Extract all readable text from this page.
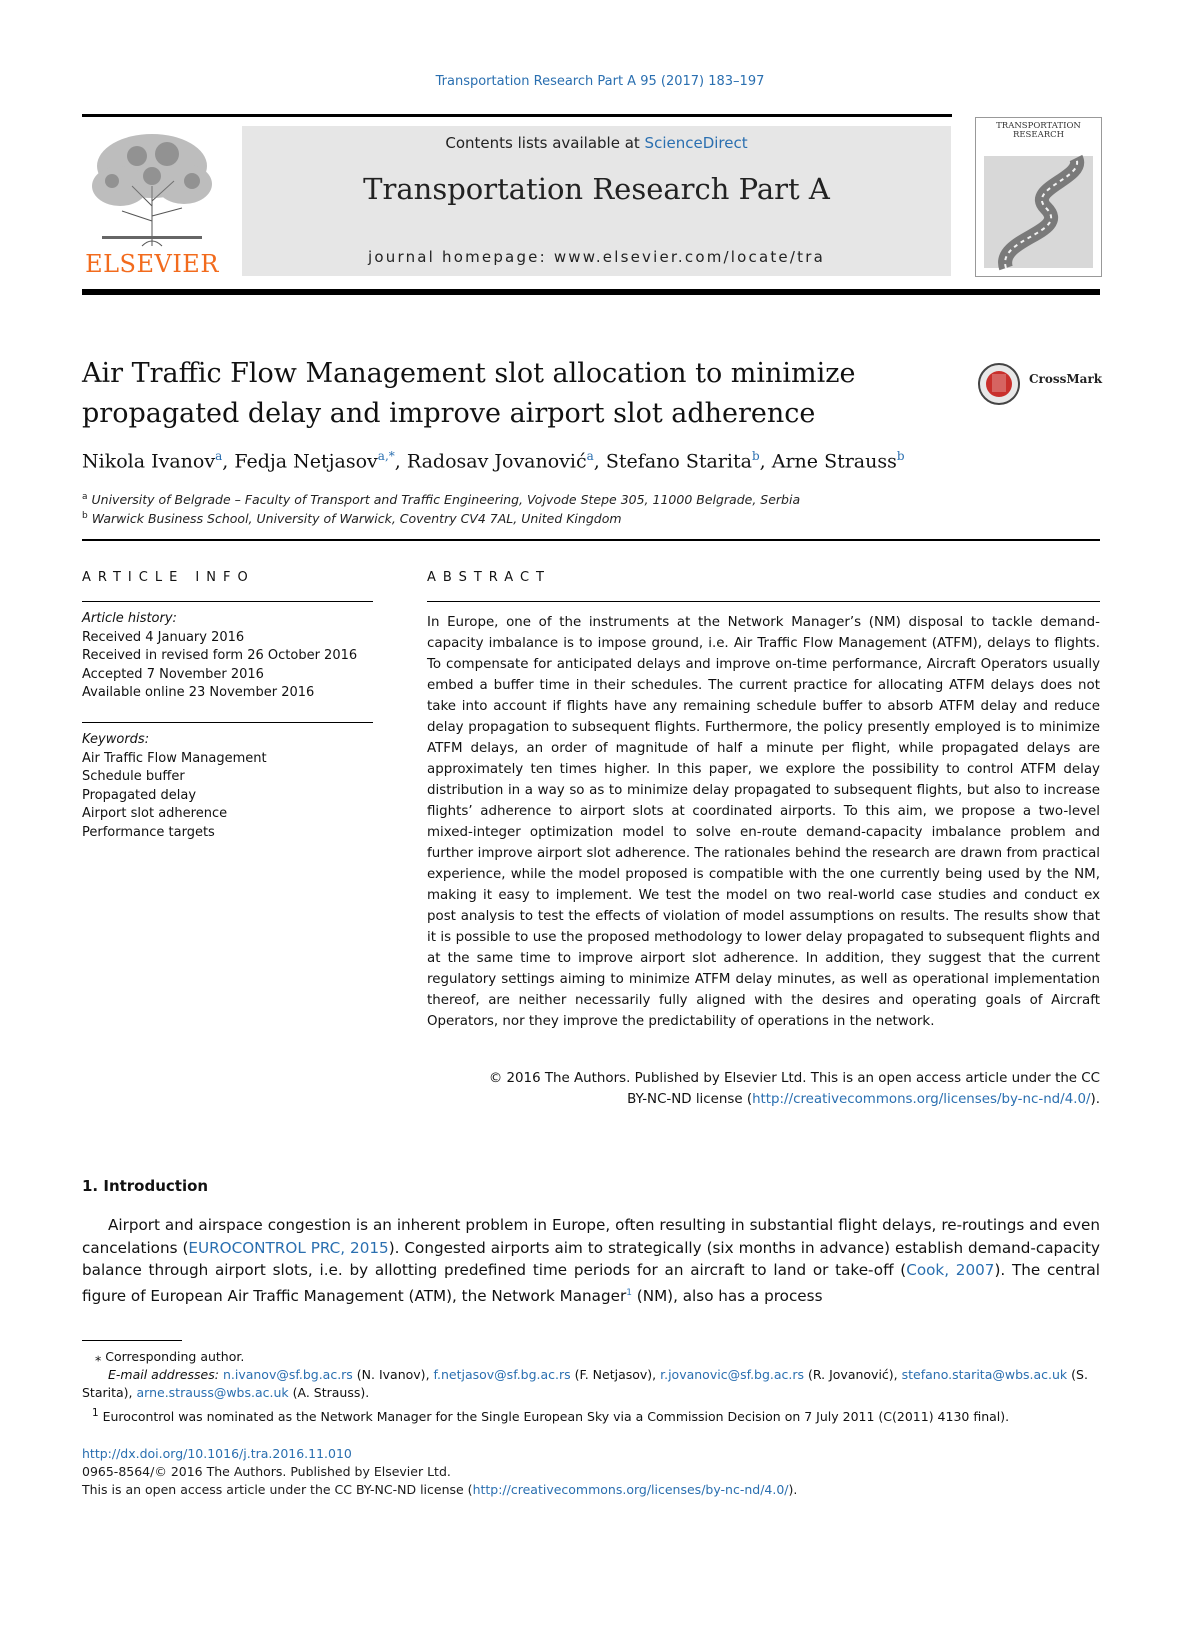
Transportation Research Part A 95 (2017) 183–197
ELSEVIER
Contents lists available at ScienceDirect
Transportation Research Part A
journal homepage: www.elsevier.com/locate/tra
TRANSPORTATION RESEARCH
Air Traffic Flow Management slot allocation to minimize propagated delay and improve airport slot adherence
CrossMark
Nikola Ivanov$^a$, Fedja Netjasov$^{a,*}$, Radosav Jovanović$^a$, Stefano Starita$^b$, Arne Strauss$^b$
$^a$ University of Belgrade – Faculty of Transport and Traffic Engineering, Vojvode Stepe 305, 11000 Belgrade, Serbia
$^b$ Warwick Business School, University of Warwick, Coventry CV4 7AL, United Kingdom
ARTICLE INFO
Article history:
Received 4 January 2016
Received in revised form 26 October 2016
Accepted 7 November 2016
Available online 23 November 2016
Keywords:
Air Traffic Flow Management
Schedule buffer
Propagated delay
Airport slot adherence
Performance targets
ABSTRACT
In Europe, one of the instruments at the Network Manager’s (NM) disposal to tackle demand-capacity imbalance is to impose ground, i.e. Air Traffic Flow Management (ATFM), delays to flights. To compensate for anticipated delays and improve on-time performance, Aircraft Operators usually embed a buffer time in their schedules. The current practice for allocating ATFM delays does not take into account if flights have any remaining schedule buffer to absorb ATFM delay and reduce delay propagation to subsequent flights. Furthermore, the policy presently employed is to minimize ATFM delays, an order of magnitude of half a minute per flight, while propagated delays are approximately ten times higher. In this paper, we explore the possibility to control ATFM delay distribution in a way so as to minimize delay propagated to subsequent flights, but also to increase flights’ adherence to airport slots at coordinated airports. To this aim, we propose a two-level mixed-integer optimization model to solve en-route demand-capacity imbalance problem and further improve airport slot adherence. The rationales behind the research are drawn from practical experience, while the model proposed is compatible with the one currently being used by the NM, making it easy to implement. We test the model on two real-world case studies and conduct ex post analysis to test the effects of violation of model assumptions on results. The results show that it is possible to use the proposed methodology to lower delay propagated to subsequent flights and at the same time to improve airport slot adherence. In addition, they suggest that the current regulatory settings aiming to minimize ATFM delay minutes, as well as operational implementation thereof, are neither necessarily fully aligned with the desires and operating goals of Aircraft Operators, nor they improve the predictability of operations in the network.
© 2016 The Authors. Published by Elsevier Ltd. This is an open access article under the CC
BY-NC-ND license (http://creativecommons.org/licenses/by-nc-nd/4.0/).
1. Introduction
Airport and airspace congestion is an inherent problem in Europe, often resulting in substantial flight delays, re-routings and even cancelations (EUROCONTROL PRC, 2015). Congested airports aim to strategically (six months in advance) establish demand-capacity balance through airport slots, i.e. by allotting predefined time periods for an aircraft to land or take-off (Cook, 2007). The central figure of European Air Traffic Management (ATM), the Network Manager$^1$ (NM), also has a process
⁎ Corresponding author.
E-mail addresses: n.ivanov@sf.bg.ac.rs (N. Ivanov), f.netjasov@sf.bg.ac.rs (F. Netjasov), r.jovanovic@sf.bg.ac.rs (R. Jovanović), stefano.starita@wbs.ac.uk (S. Starita), arne.strauss@wbs.ac.uk (A. Strauss).
$^1$ Eurocontrol was nominated as the Network Manager for the Single European Sky via a Commission Decision on 7 July 2011 (C(2011) 4130 final).
http://dx.doi.org/10.1016/j.tra.2016.11.010
0965-8564/© 2016 The Authors. Published by Elsevier Ltd.
This is an open access article under the CC BY-NC-ND license (http://creativecommons.org/licenses/by-nc-nd/4.0/).
